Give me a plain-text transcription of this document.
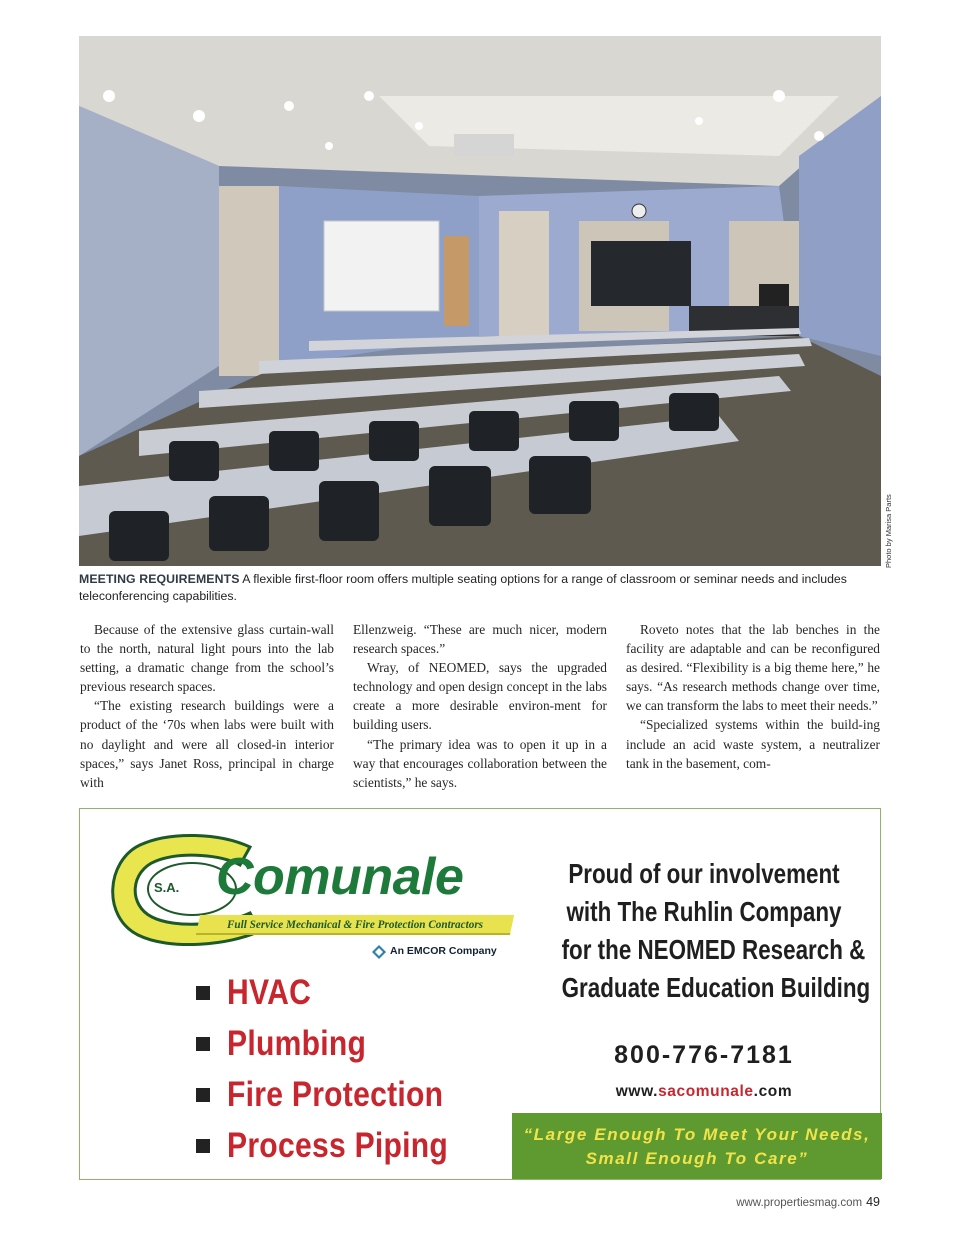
Photo by Marisa Parts

MEETING REQUIREMENTS A flexible first-floor room offers multiple seating options for a range of classroom or seminar needs and includes teleconferencing capabilities.

Because of the extensive glass curtain-wall to the north, natural light pours into the lab setting, a dramatic change from the school’s previous research spaces.

“The existing research buildings were a product of the ‘70s when labs were built with no daylight and were all closed-in interior spaces,” says Janet Ross, principal in charge with

Ellenzweig. “These are much nicer, modern research spaces.”

Wray, of NEOMED, says the upgraded technology and open design concept in the labs create a more desirable environ-ment for building users.

“The primary idea was to open it up in a way that encourages collaboration between the scientists,” he says.

Roveto notes that the lab benches in the facility are adaptable and can be reconfigured as desired. “Flexibility is a big theme here,” he says. “As research methods change over time, we can transform the labs to meet their needs.”

“Specialized systems within the build-ing include an acid waste system, a neutralizer tank in the basement, com-

S.A. Comunale
Full Service Mechanical & Fire Protection Contractors
An EMCOR Company
HVAC
Plumbing
Fire Protection
Process Piping
Proud of our involvement
with The Ruhlin Company
for the NEOMED Research &
Graduate Education Building
800-776-7181
www.sacomunale.com
“Large Enough To Meet Your Needs,
Small Enough To Care”
www.propertiesmag.com 49
